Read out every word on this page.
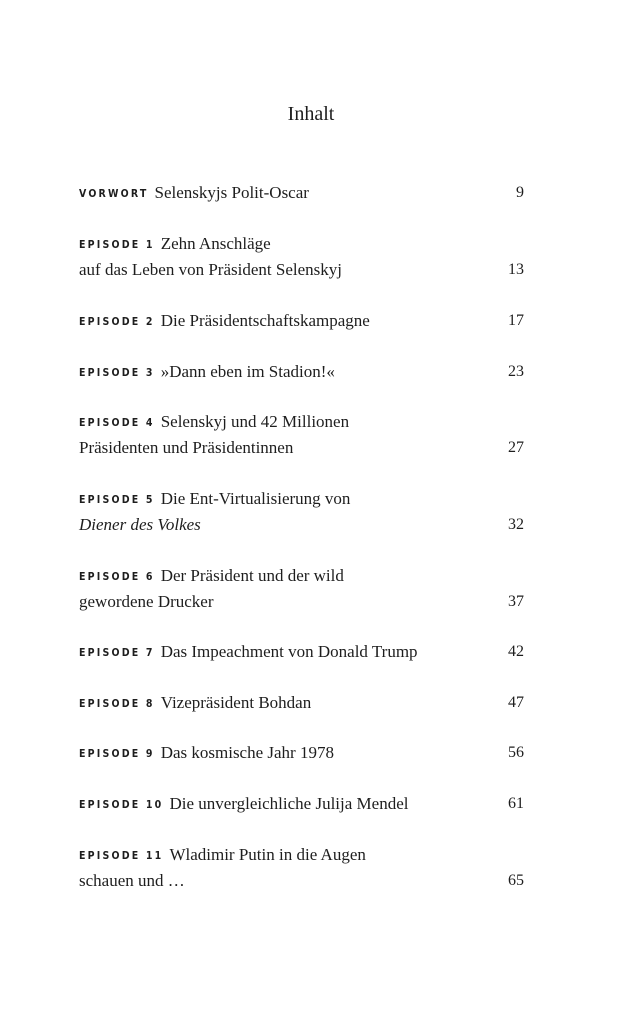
Inhalt
VORWORT Selenskyjs Polit-Oscar	9
EPISODE 1 Zehn Anschläge
auf das Leben von Präsident Selenskyj	13
EPISODE 2 Die Präsidentschaftskampagne	17
EPISODE 3 »Dann eben im Stadion!«	23
EPISODE 4 Selenskyj und 42 Millionen
Präsidenten und Präsidentinnen	27
EPISODE 5 Die Ent-Virtualisierung von
Diener des Volkes	32
EPISODE 6 Der Präsident und der wild
gewordene Drucker	37
EPISODE 7 Das Impeachment von Donald Trump	42
EPISODE 8 Vizepräsident Bohdan	47
EPISODE 9 Das kosmische Jahr 1978	56
EPISODE 10 Die unvergleichliche Julija Mendel	61
EPISODE 11 Wladimir Putin in die Augen
schauen und …	65
